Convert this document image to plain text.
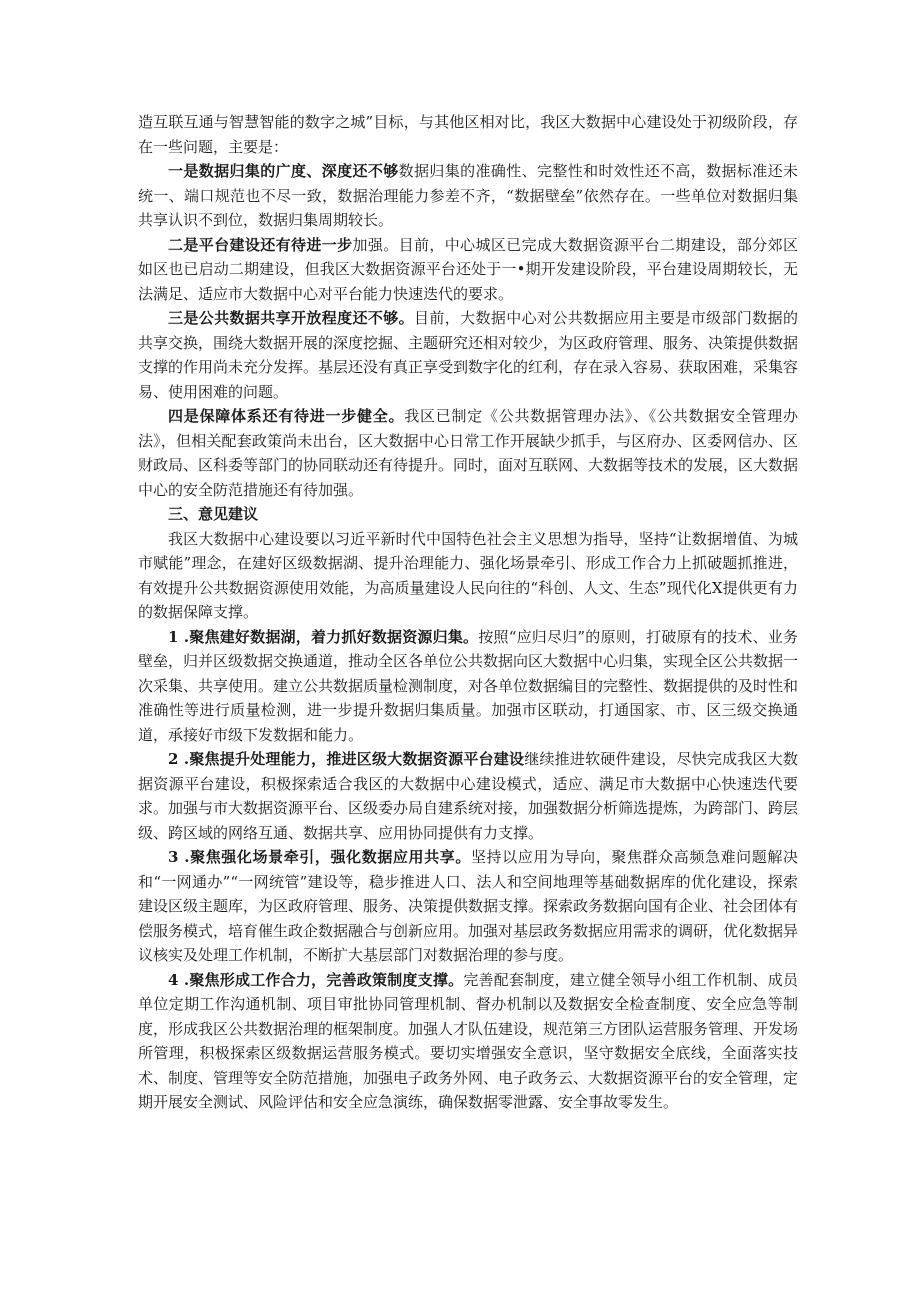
造互联互通与智慧智能的数字之城”目标，与其他区相对比，我区大数据中心建设处于初级阶段，存在一些问题，主要是：

一是数据归集的广度、深度还不够数据归集的准确性、完整性和时效性还不高，数据标准还未统一、端口规范也不尽一致，数据治理能力参差不齐，“数据壁垒”依然存在。一些单位对数据归集共享认识不到位，数据归集周期较长。

二是平台建设还有待进一步加强。目前，中心城区已完成大数据资源平台二期建设，部分郊区如区也已启动二期建设，但我区大数据资源平台还处于一•期开发建设阶段，平台建设周期较长，无法满足、适应市大数据中心对平台能力快速迭代的要求。

三是公共数据共享开放程度还不够。目前，大数据中心对公共数据应用主要是市级部门数据的共享交换，围绕大数据开展的深度挖掘、主题研究还相对较少，为区政府管理、服务、决策提供数据支撑的作用尚未充分发挥。基层还没有真正享受到数字化的红利，存在录入容易、获取困难，采集容易、使用困难的问题。

四是保障体系还有待进一步健全。我区已制定《公共数据管理办法》、《公共数据安全管理办法》，但相关配套政策尚未出台，区大数据中心日常工作开展缺少抓手，与区府办、区委网信办、区财政局、区科委等部门的协同联动还有待提升。同时，面对互联网、大数据等技术的发展，区大数据中心的安全防范措施还有待加强。

三、意见建议

我区大数据中心建设要以习近平新时代中国特色社会主义思想为指导，坚持“让数据增值、为城市赋能”理念，在建好区级数据湖、提升治理能力、强化场景牵引、形成工作合力上抓破题抓推进，有效提升公共数据资源使用效能，为高质量建设人民向往的“科创、人文、生态”现代化X提供更有力的数据保障支撑。

1 .聚焦建好数据湖，着力抓好数据资源归集。按照“应归尽归”的原则，打破原有的技术、业务壁垒，归并区级数据交换通道，推动全区各单位公共数据向区大数据中心归集，实现全区公共数据一次采集、共享使用。建立公共数据质量检测制度，对各单位数据编目的完整性、数据提供的及时性和准确性等进行质量检测，进一步提升数据归集质量。加强市区联动，打通国家、市、区三级交换通道，承接好市级下发数据和能力。

2 .聚焦提升处理能力，推进区级大数据资源平台建设继续推进软硬件建设，尽快完成我区大数据资源平台建设，积极探索适合我区的大数据中心建设模式，适应、满足市大数据中心快速迭代要求。加强与市大数据资源平台、区级委办局自建系统对接，加强数据分析筛选提炼，为跨部门、跨层级、跨区域的网络互通、数据共享、应用协同提供有力支撑。

3 .聚焦强化场景牵引，强化数据应用共享。坚持以应用为导向，聚焦群众高频急难问题解决和“一网通办”“一网统管”建设等，稳步推进人口、法人和空间地理等基础数据库的优化建设，探索建设区级主题库，为区政府管理、服务、决策提供数据支撑。探索政务数据向国有企业、社会团体有偿服务模式，培育催生政企数据融合与创新应用。加强对基层政务数据应用需求的调研，优化数据异议核实及处理工作机制，不断扩大基层部门对数据治理的参与度。

4 .聚焦形成工作合力，完善政策制度支撑。完善配套制度，建立健全领导小组工作机制、成员单位定期工作沟通机制、项目审批协同管理机制、督办机制以及数据安全检查制度、安全应急等制度，形成我区公共数据治理的框架制度。加强人才队伍建设，规范第三方团队运营服务管理、开发场所管理，积极探索区级数据运营服务模式。要切实增强安全意识，坚守数据安全底线，全面落实技术、制度、管理等安全防范措施，加强电子政务外网、电子政务云、大数据资源平台的安全管理，定期开展安全测试、风险评估和安全应急演练，确保数据零泄露、安全事故零发生。
